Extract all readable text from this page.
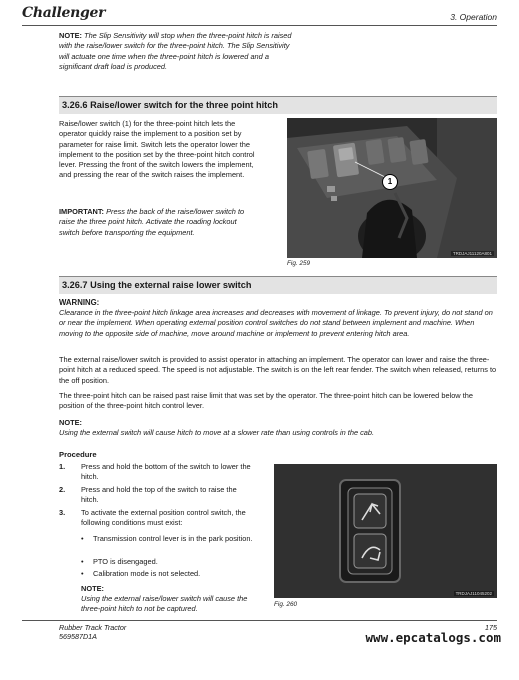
Challenger	3. Operation
NOTE: The Slip Sensitivity will stop when the three-point hitch is raised with the raise/lower switch for the three-point hitch. The Slip Sensitivity will actuate one time when the three-point hitch is lowered and a significant draft load is produced.
3.26.6 Raise/lower switch for the three point hitch
Raise/lower switch (1) for the three-point hitch lets the operator quickly raise the implement to a position set by parameter for raise limit. Switch lets the operator lower the implement to the position set by the three-point hitch control lever. Pressing the front of the switch lowers the implement, and pressing the rear of the switch raises the implement.
IMPORTANT: Press the back of the raise/lower switch to raise the three point hitch. Activate the roading lockout switch before transporting the equipment.
1
TRDJAJ11120A801
Fig. 259
3.26.7 Using the external raise lower switch
WARNING:
Clearance in the three-point hitch linkage area increases and decreases with movement of linkage. To prevent injury, do not stand on or near the implement. When operating external position control switches do not stand between implement and machine. When moving to the opposite side of machine, move around machine or implement to prevent entering hitch area.
The external raise/lower switch is provided to assist operator in attaching an implement. The operator can lower and raise the three-point hitch at a reduced speed. The speed is not adjustable. The switch is on the left rear fender. The switch when released, returns to the off position.
The three-point hitch can be raised past raise limit that was set by the operator. The three-point hitch can be lowered below the position of the three-point hitch control lever.
NOTE:
Using the external switch will cause hitch to move at a slower rate than using controls in the cab.
Procedure
1. Press and hold the bottom of the switch to lower the hitch.
2. Press and hold the top of the switch to raise the hitch.
3. To activate the external position control switch, the following conditions must exist:
• Transmission control lever is in the park position.
• PTO is disengaged.
• Calibration mode is not selected.
NOTE:
Using the external raise/lower switch will cause the three-point hitch to not be captured.
TRDJAJ11045202
Fig. 260
Rubber Track Tractor
569587D1A
175
www.epcatalogs.com
